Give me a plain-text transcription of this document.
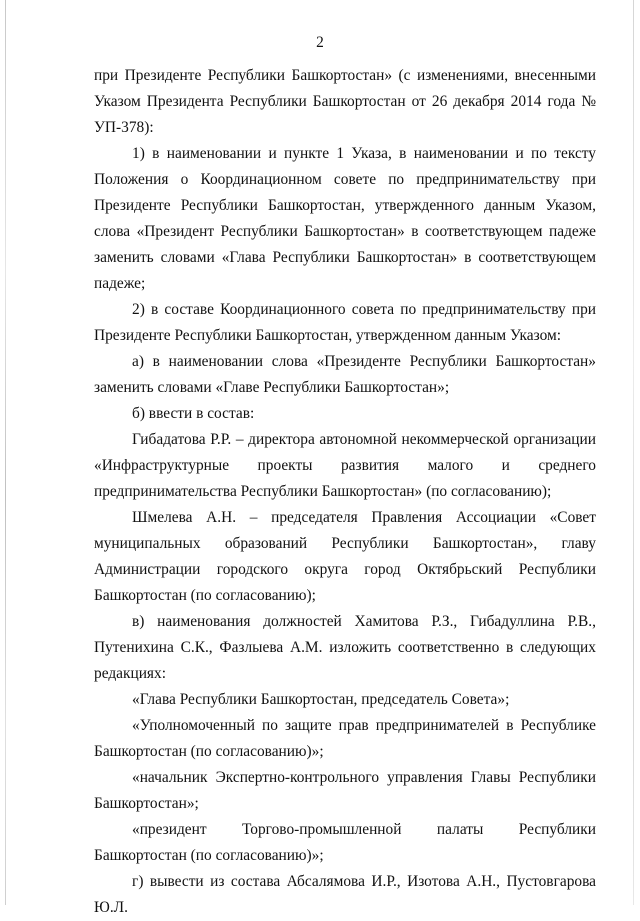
2

при Президенте Республики Башкортостан» (с изменениями, внесенными Указом Президента Республики Башкортостан от 26 декабря 2014 года № УП-378):

1) в наименовании и пункте 1 Указа, в наименовании и по тексту Положения о Координационном совете по предпринимательству при Президенте Республики Башкортостан, утвержденного данным Указом, слова «Президент Республики Башкортостан» в соответствующем падеже заменить словами «Глава Республики Башкортостан» в соответствующем падеже;

2) в составе Координационного совета по предпринимательству при Президенте Республики Башкортостан, утвержденном данным Указом:

а) в наименовании слова «Президенте Республики Башкортостан» заменить словами «Главе Республики Башкортостан»;

б) ввести в состав:

Гибадатова Р.Р. – директора автономной некоммерческой организации «Инфраструктурные проекты развития малого и среднего предпринимательства Республики Башкортостан» (по согласованию);

Шмелева А.Н. – председателя Правления Ассоциации «Совет муниципальных образований Республики Башкортостан», главу Администрации городского округа город Октябрьский Республики Башкортостан (по согласованию);

в) наименования должностей Хамитова Р.З., Гибадуллина Р.В., Путенихина С.К., Фазлыева А.М. изложить соответственно в следующих редакциях:

«Глава Республики Башкортостан, председатель Совета»;

«Уполномоченный по защите прав предпринимателей в Республике Башкортостан (по согласованию)»;

«начальник Экспертно-контрольного управления Главы Республики Башкортостан»;

«президент Торгово-промышленной палаты Республики Башкортостан (по согласованию)»;

г) вывести из состава Абсалямова И.Р., Изотова А.Н., Пустовгарова Ю.Л.
